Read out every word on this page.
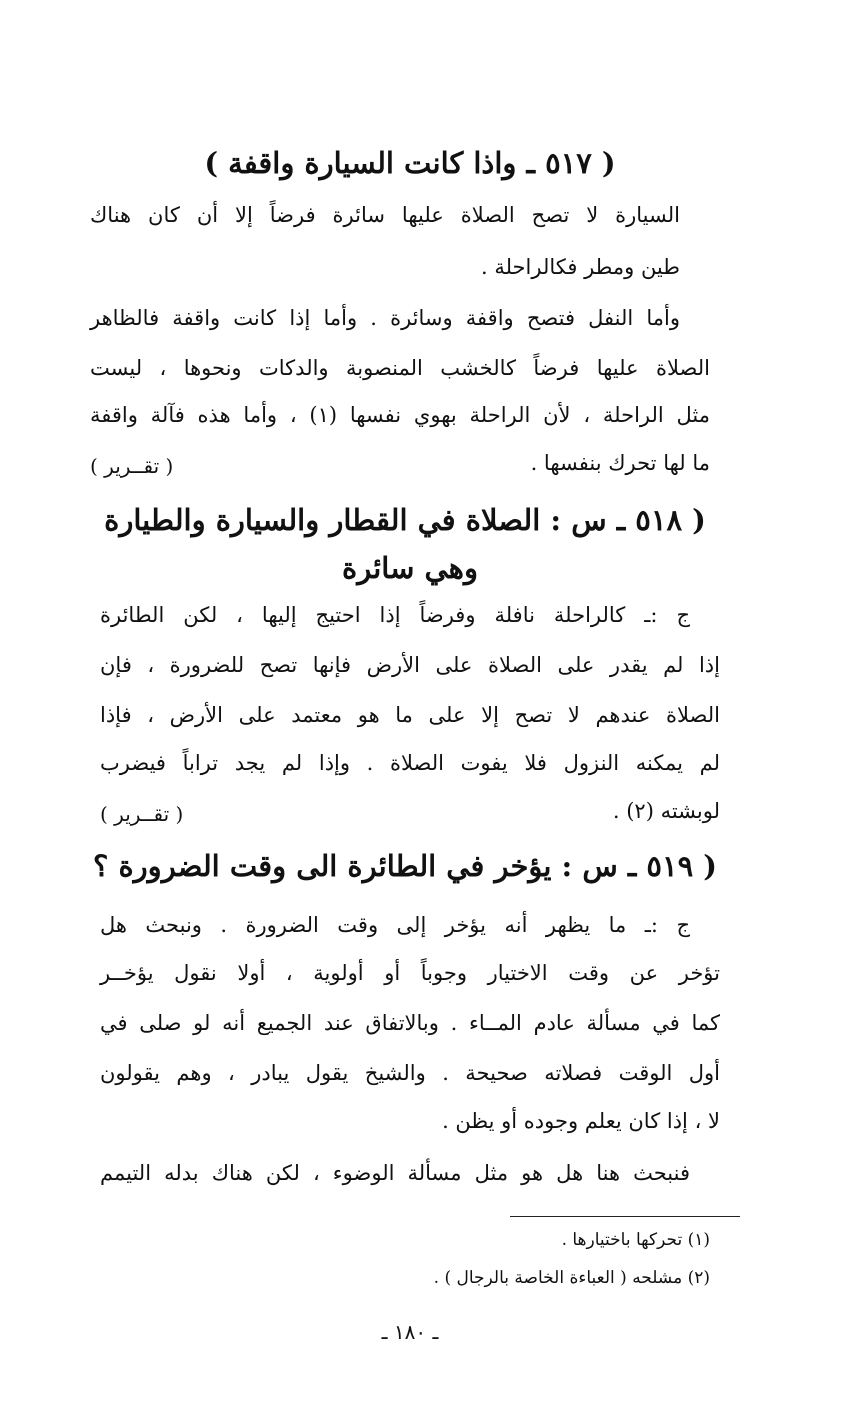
( ٥١٧ ـ واذا كانت السيارة واقفة )
السيارة لا تصح الصلاة عليها سائرة فرضاً إلا أن كان هناك
طين ومطر فكالراحلة .
وأما النفل فتصح واقفة وسائرة . وأما إذا كانت واقفة فالظاهر
الصلاة عليها فرضاً كالخشب المنصوبة والدكات ونحوها ، ليست
مثل الراحلة ، لأن الراحلة بهوي نفسها (١) ، وأما هذه فآلة واقفة
ما لها تحرك بنفسها .
( تقــرير )
( ٥١٨ ـ س : الصلاة في القطار والسيارة والطيارة
وهي سائرة
ج :ـ كالراحلة نافلة وفرضاً إذا احتيج إليها ، لكن الطائرة
إذا لم يقدر على الصلاة على الأرض فإنها تصح للضرورة ، فإن
الصلاة عندهم لا تصح إلا على ما هو معتمد على الأرض ، فإذا
لم يمكنه النزول فلا يفوت الصلاة . وإذا لم يجد تراباً فيضرب
لوبشته (٢) .
( تقــرير )
( ٥١٩ ـ س : يؤخر في الطائرة الى وقت الضرورة ؟
ج :ـ ما يظهر أنه يؤخر إلى وقت الضرورة . ونبحث هل
تؤخر عن وقت الاختيار وجوباً أو أولوية ، أولا نقول يؤخــر
كما في مسألة عادم المــاء . وبالاتفاق عند الجميع أنه لو صلى في
أول الوقت فصلاته صحيحة . والشيخ يقول يبادر ، وهم يقولون
لا ، إذا كان يعلم وجوده أو يظن .
فنبحث هنا هل هو مثل مسألة الوضوء ، لكن هناك بدله التيمم
(١) تحركها باختيارها .
(٢) مشلحه ( العباءة الخاصة بالرجال ) .
ـ ١٨٠ ـ
